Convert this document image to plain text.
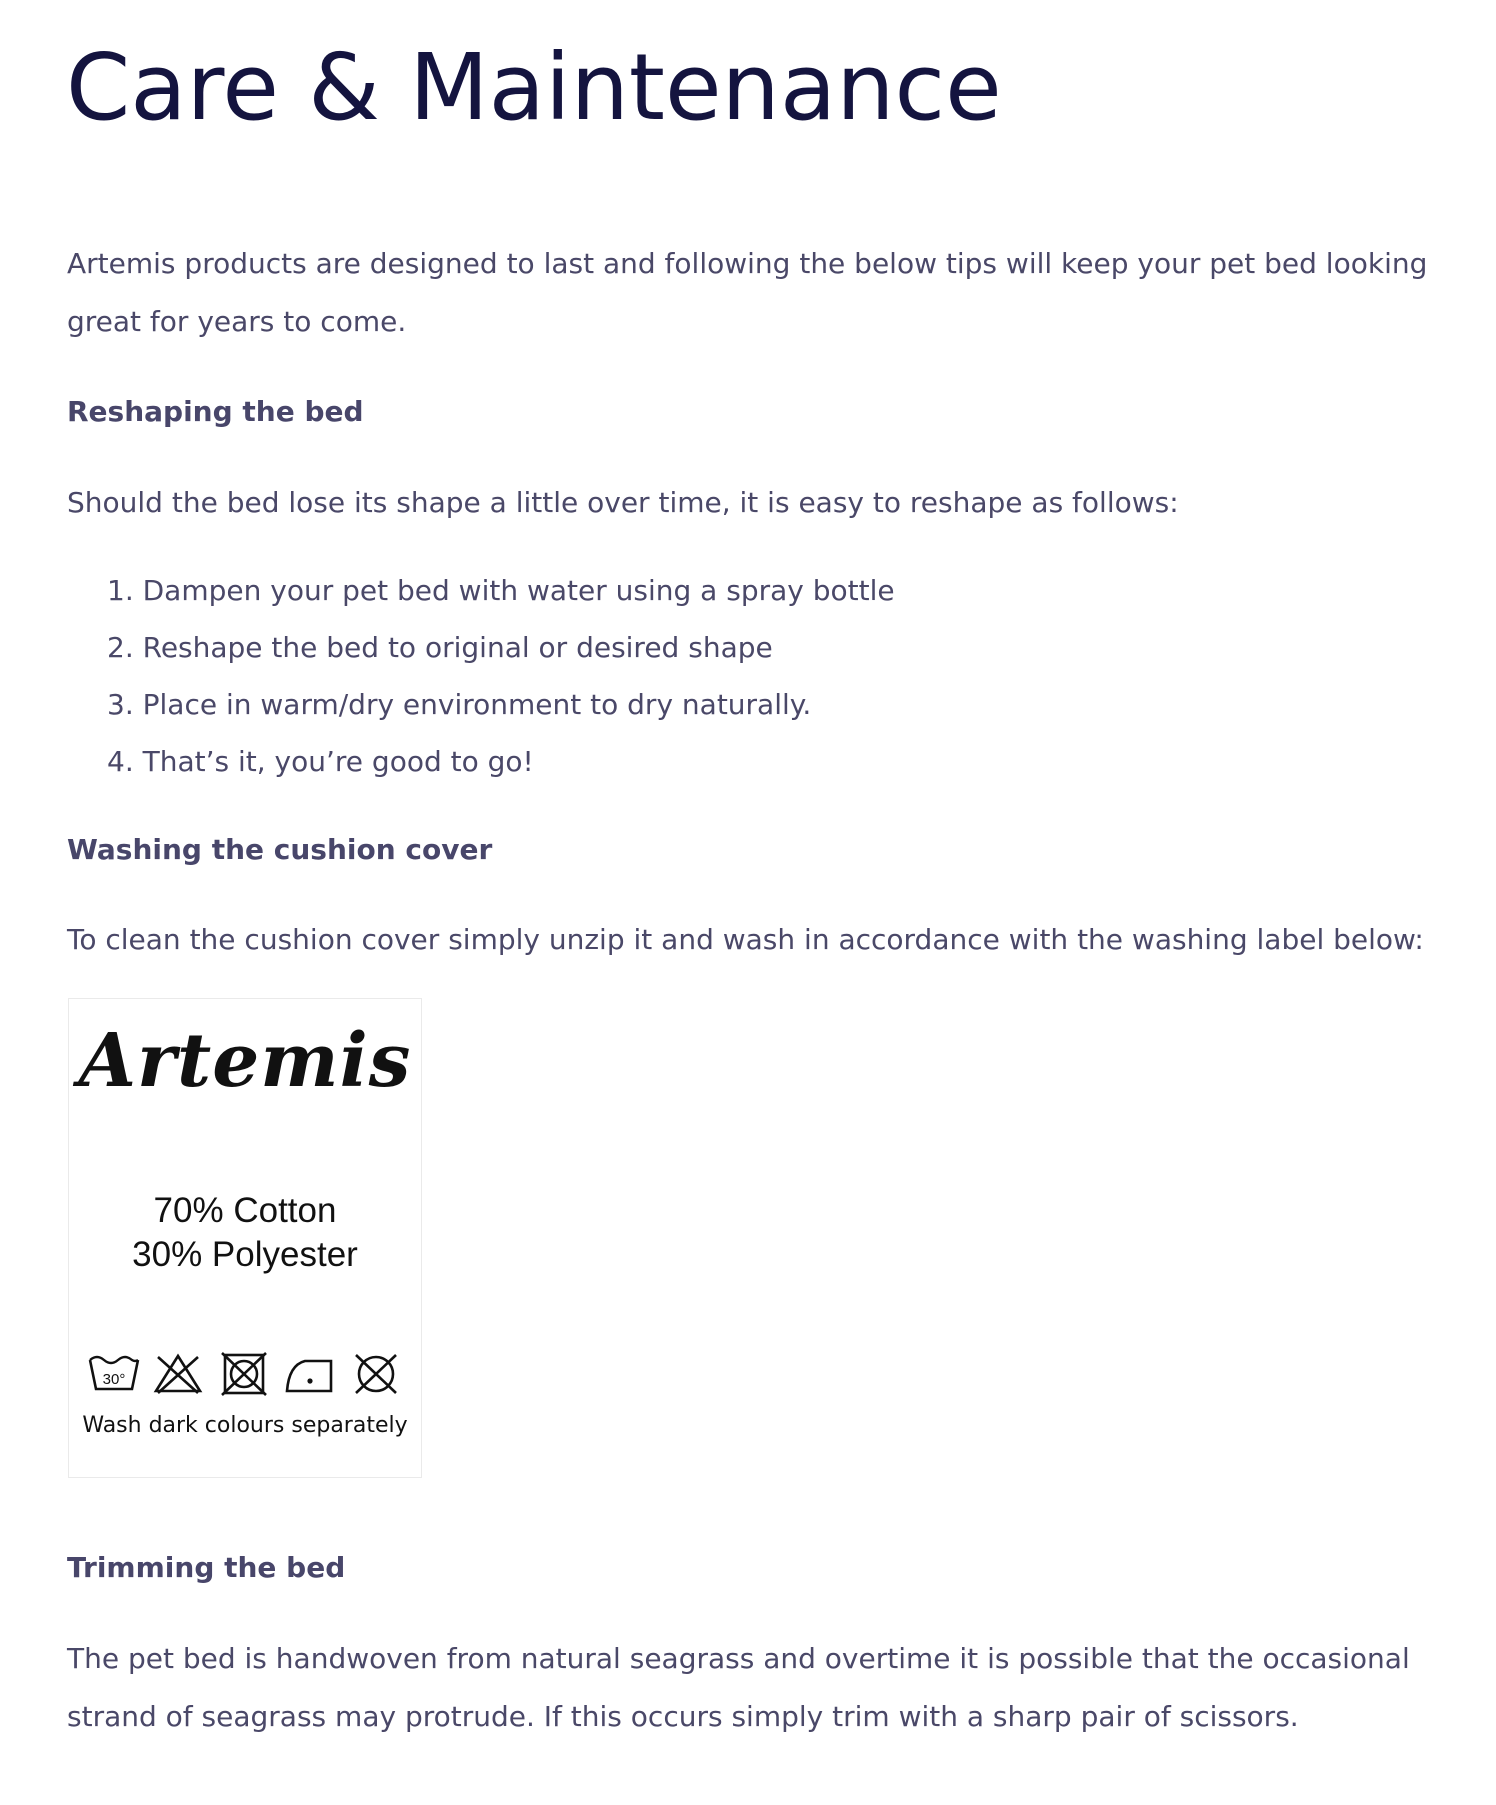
Care & Maintenance

Artemis products are designed to last and following the below tips will keep your pet bed looking great for years to come.

Reshaping the bed

Should the bed lose its shape a little over time, it is easy to reshape as follows:

1. Dampen your pet bed with water using a spray bottle
2. Reshape the bed to original or desired shape
3. Place in warm/dry environment to dry naturally.
4. That’s it, you’re good to go!
Washing the cushion cover

To clean the cushion cover simply unzip it and wash in accordance with the washing label below:

Artemis
70% Cotton
30% Polyester
30°
Wash dark colours separately
Trimming the bed

The pet bed is handwoven from natural seagrass and overtime it is possible that the occasional

strand of seagrass may protrude. If this occurs simply trim with a sharp pair of scissors.
